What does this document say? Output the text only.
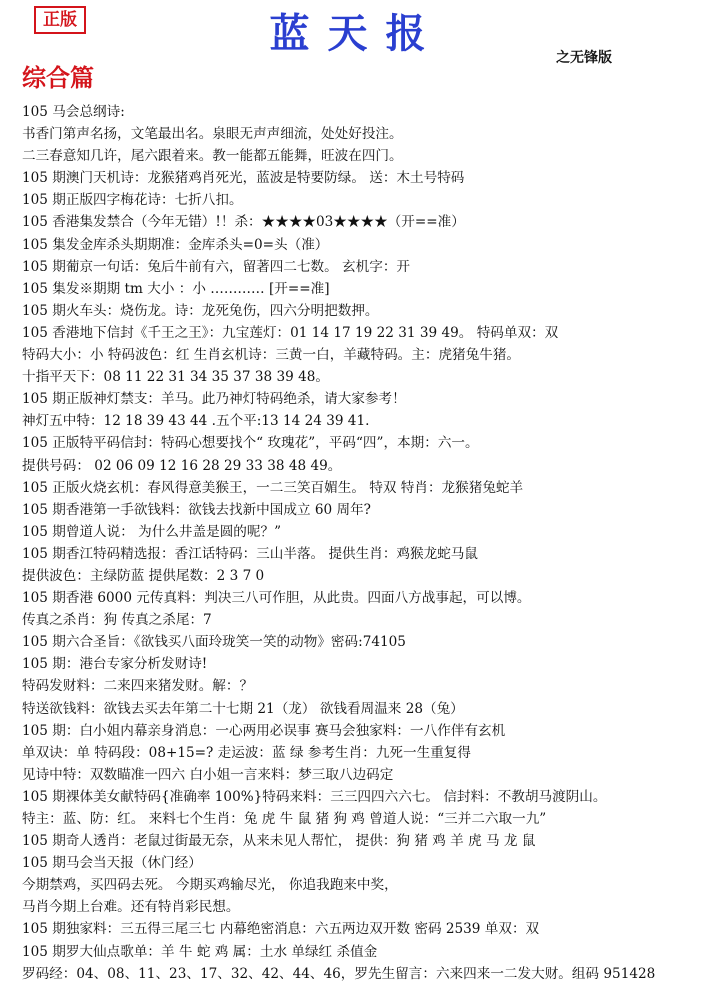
正版	蓝天报
之无锋版
综合篇
105 马会总纲诗:
书香门第声名扬，文笔最出名。泉眼无声声细流，处处好投注。
二三春意知几许，尾六跟着来。教一能都五能舞，旺波在四门。
105 期澳门天机诗：龙猴猪鸡肖死光，蓝波是特要防绿。 送：木土号特码
105 期正版四字梅花诗：七折八扣。
105 香港集发禁合（今年无错）!！杀：★★★★03★★★★（开==准）
105 集发金库杀头期期准：金库杀头=0=头（准）
105 期葡京一句话：兔后牛前有六，留著四二七数。 玄机字：开
105 集发※期期 tm 大小 ：小 ………… [开==准]
105 期火车头：烧伤龙。诗：龙死兔伤，四六分明把数押。
105 香港地下信封《千王之王》：九宝莲灯：01 14 17 19 22 31 39 49。 特码单双：双
特码大小：小 特码波色：红 生肖玄机诗：三黄一白，羊藏特码。主：虎猪兔牛猪。
十指平天下：08 11 22 31 34 35 37 38 39 48。
105 期正版神灯禁支：羊马。此乃神灯特码绝杀，请大家参考！
神灯五中特：12 18 39 43 44 .五个平:13 14 24 39 41.
105 正版特平码信封：特码心想要找个“ 玫瑰花”，平码“四”，本期：六一。
提供号码： 02 06 09 12 16 28 29 33 38 48 49。
105 正版火烧玄机：春风得意美猴王，一二三笑百媚生。 特双 特肖：龙猴猪兔蛇羊
105 期香港第一手欲钱料：欲钱去找新中国成立 60 周年?
105 期曾道人说： 为什么井盖是圆的呢？”
105 期香江特码精选报：香江话特码：三山半落。 提供生肖：鸡猴龙蛇马鼠
提供波色：主绿防蓝 提供尾数：2 3 7 0
105 期香港 6000 元传真料：判决三八可作胆，从此贵。四面八方战事起，可以博。
传真之杀肖：狗 传真之杀尾：7
105 期六合圣旨：《欲钱买八面玲珑笑一笑的动物》密码:74105
105 期：港台专家分析发财诗!
特码发财料：二来四来猪发财。解：？
特送欲钱料：欲钱去买去年第二十七期 21（龙） 欲钱看周温来 28（兔）
105 期：白小姐内幕亲身消息：一心两用必误事 赛马会独家料：一八作伴有玄机
单双诀：单 特码段：08+15=? 走运波：蓝 绿 参考生肖：九死一生重复得
见诗中特：双数瞄准一四六 白小姐一言来料：梦三取八边码定
105 期裸体美女献特码{准确率 100%}特码来料：三三四四六六七。 信封料：不教胡马渡阴山。
特主：蓝、防：红。 来料七个生肖：兔 虎 牛 鼠 猪 狗 鸡 曾道人说：“三并二六取一九”
105 期奇人透肖：老鼠过街最无奈，从来未见人帮忙， 提供：狗 猪 鸡 羊 虎 马 龙 鼠
105 期马会当天报（休门经）
今期禁鸡，买四码去死。 今期买鸡输尽光， 你追我跑来中奖，
马肖今期上台难。还有特肖彩民想。
105 期独家料：三五得三尾三七 内幕绝密消息：六五两边双开数 密码 2539 单双：双
105 期罗大仙点歌单：羊 牛 蛇 鸡 属：土水 单绿红 杀值金
罗码经：04、08、11、23、17、32、42、44、46，罗先生留言：六来四来一二发大财。组码 951428
